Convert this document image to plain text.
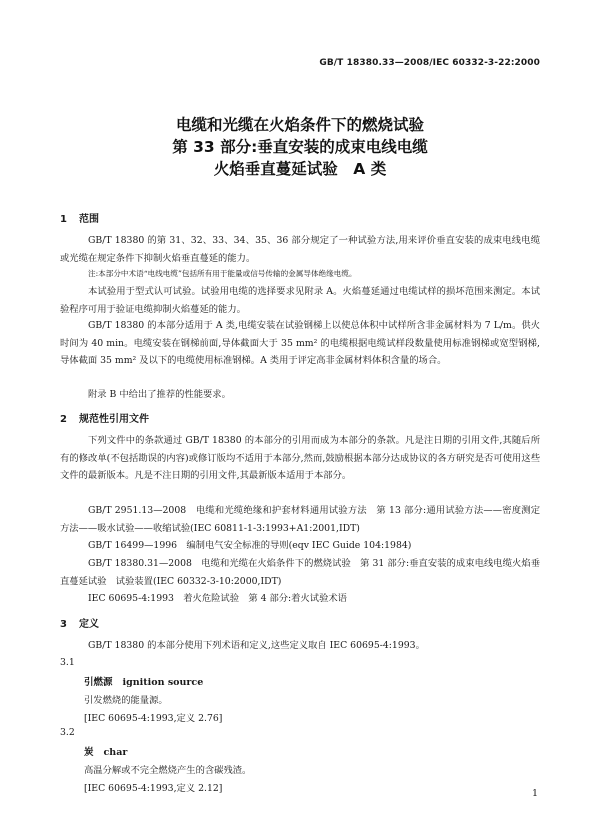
GB/T 18380.33—2008/IEC 60332-3-22:2000
电缆和光缆在火焰条件下的燃烧试验
第 33 部分:垂直安装的成束电线电缆
火焰垂直蔓延试验　A 类
1 范围
GB/T 18380 的第 31、32、33、34、35、36 部分规定了一种试验方法,用来评价垂直安装的成束电线电缆或光缆在规定条件下抑制火焰垂直蔓延的能力。
注:本部分中术语“电线电缆”包括所有用于能量或信号传输的金属导体绝缘电缆。
本试验用于型式认可试验。试验用电缆的选择要求见附录 A。火焰蔓延通过电缆试样的损坏范围来测定。本试验程序可用于验证电缆抑制火焰蔓延的能力。
GB/T 18380 的本部分适用于 A 类,电缆安装在试验钢梯上以使总体积中试样所含非金属材料为 7 L/m。供火时间为 40 min。电缆安装在钢梯前面,导体截面大于 35 mm² 的电缆根据电缆试样段数量使用标准钢梯或宽型钢梯,导体截面 35 mm² 及以下的电缆使用标准钢梯。A 类用于评定高非金属材料体积含量的场合。
附录 B 中给出了推荐的性能要求。
2 规范性引用文件
下列文件中的条款通过 GB/T 18380 的本部分的引用而成为本部分的条款。凡是注日期的引用文件,其随后所有的修改单(不包括勘误的内容)或修订版均不适用于本部分,然而,鼓励根据本部分达成协议的各方研究是否可使用这些文件的最新版本。凡是不注日期的引用文件,其最新版本适用于本部分。
GB/T 2951.13—2008　电缆和光缆绝缘和护套材料通用试验方法　第 13 部分:通用试验方法——密度测定方法——吸水试验——收缩试验(IEC 60811-1-3:1993+A1:2001,IDT)
GB/T 16499—1996　编制电气安全标准的导则(eqv IEC Guide 104:1984)
GB/T 18380.31—2008　电缆和光缆在火焰条件下的燃烧试验　第 31 部分:垂直安装的成束电线电缆火焰垂直蔓延试验　试验装置(IEC 60332-3-10:2000,IDT)
IEC 60695-4:1993　着火危险试验　第 4 部分:着火试验术语
3 定义
GB/T 18380 的本部分使用下列术语和定义,这些定义取自 IEC 60695-4:1993。
3.1
引燃源 ignition source
引发燃烧的能量源。
[IEC 60695-4:1993,定义 2.76]
3.2
炭 char
高温分解或不完全燃烧产生的含碳残渣。
[IEC 60695-4:1993,定义 2.12]	1
